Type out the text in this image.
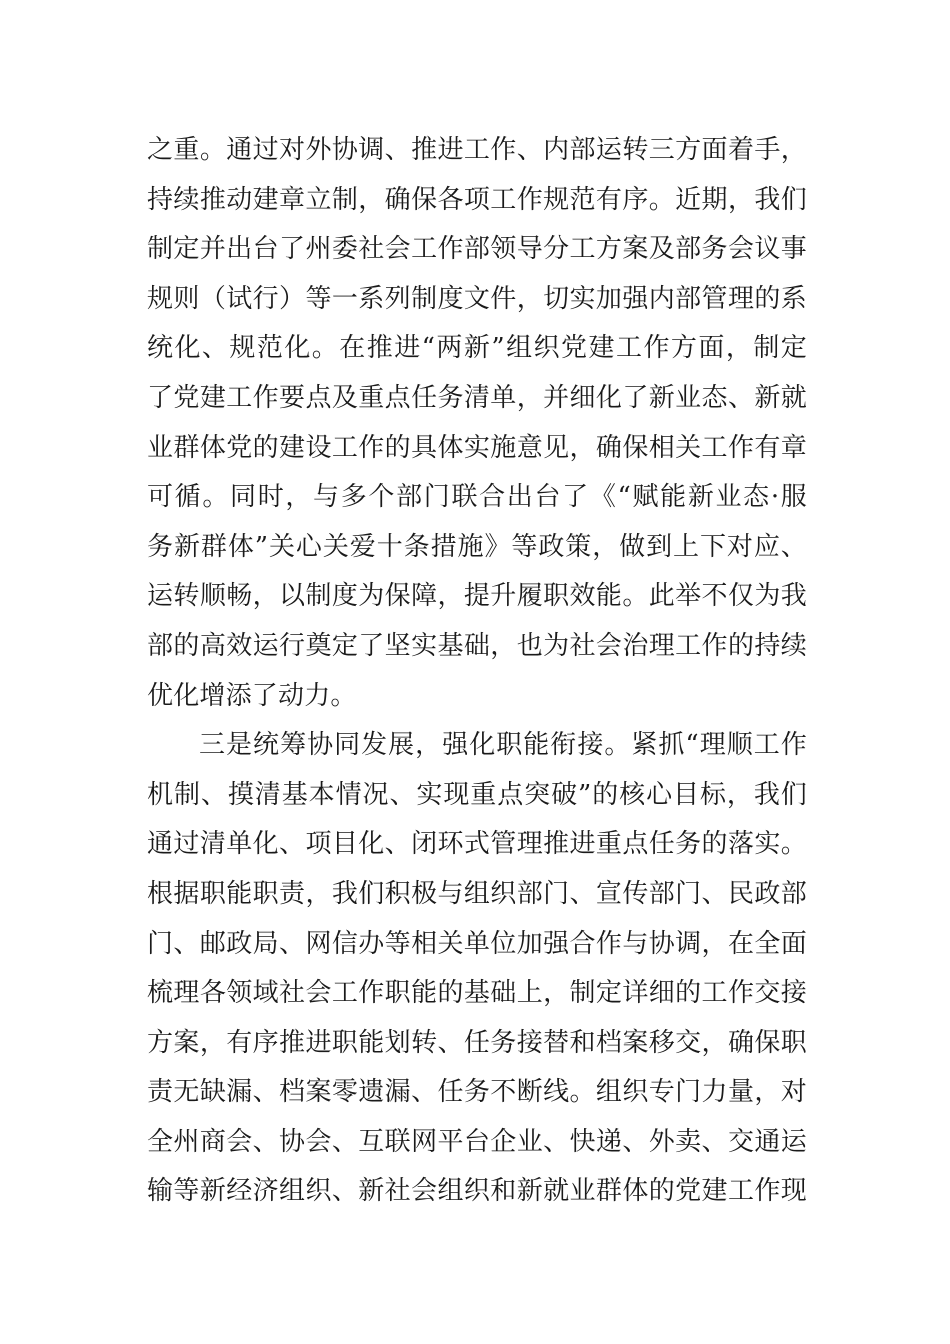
之重。通过对外协调、推进工作、内部运转三方面着手，
持续推动建章立制，确保各项工作规范有序。近期，我们
制定并出台了州委社会工作部领导分工方案及部务会议事
规则（试行）等一系列制度文件，切实加强内部管理的系
统化、规范化。在推进“两新”组织党建工作方面，制定
了党建工作要点及重点任务清单，并细化了新业态、新就
业群体党的建设工作的具体实施意见，确保相关工作有章
可循。同时，与多个部门联合出台了《“赋能新业态·服
务新群体”关心关爱十条措施》等政策，做到上下对应、
运转顺畅，以制度为保障，提升履职效能。此举不仅为我
部的高效运行奠定了坚实基础，也为社会治理工作的持续
优化增添了动力。
三是统筹协同发展，强化职能衔接。紧抓“理顺工作
机制、摸清基本情况、实现重点突破”的核心目标，我们
通过清单化、项目化、闭环式管理推进重点任务的落实。
根据职能职责，我们积极与组织部门、宣传部门、民政部
门、邮政局、网信办等相关单位加强合作与协调，在全面
梳理各领域社会工作职能的基础上，制定详细的工作交接
方案，有序推进职能划转、任务接替和档案移交，确保职
责无缺漏、档案零遗漏、任务不断线。组织专门力量，对
全州商会、协会、互联网平台企业、快递、外卖、交通运
输等新经济组织、新社会组织和新就业群体的党建工作现
